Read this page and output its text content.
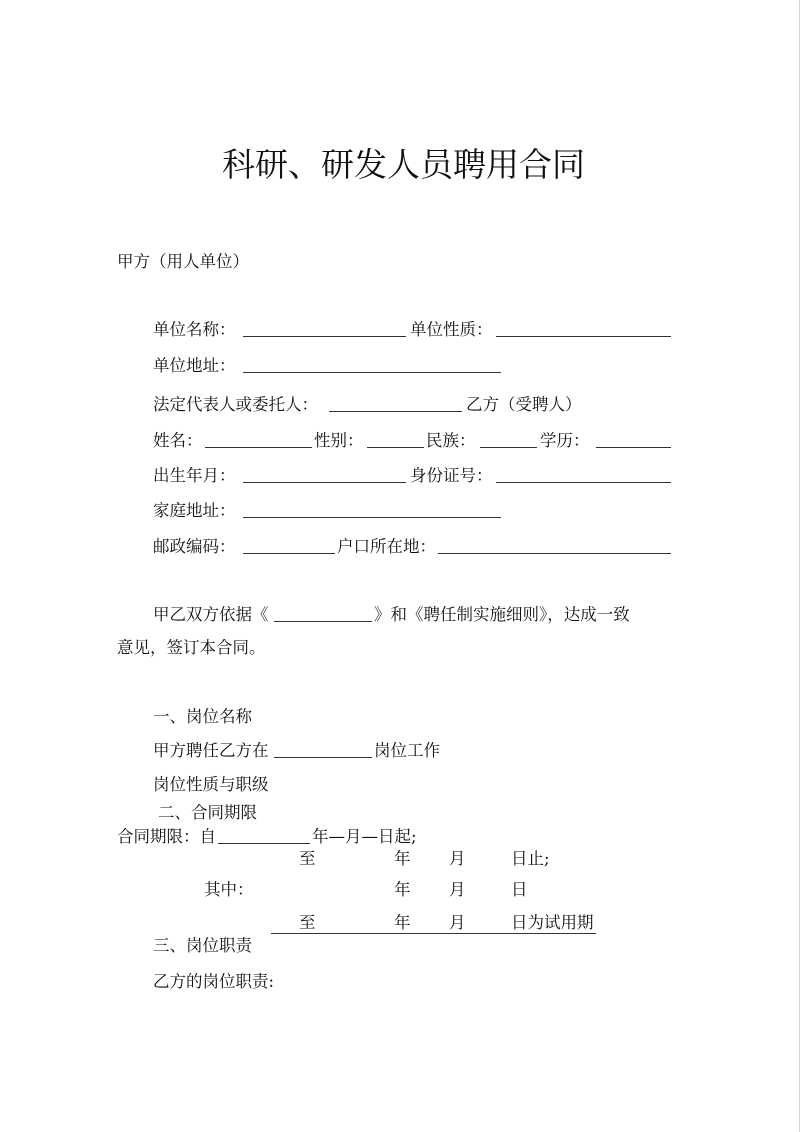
科研、研发人员聘用合同
甲方（用人单位）
单位名称：	单位性质：
单位地址：
法定代表人或委托人：	乙方（受聘人）
姓名：	性别：	民族：	学历：
出生年月：	身份证号：
家庭地址：
邮政编码：	户口所在地：
甲乙双方依据《	》和《聘任制实施细则》，达成一致
意见，签订本合同。
一、岗位名称
甲方聘任乙方在	岗位工作
岗位性质与职级
二、合同期限
合同期限：自	年—月—日起;
至	年 月	日止;
其中：	年 月	日
至	年 月	日为试用期
三、岗位职责
乙方的岗位职责:
